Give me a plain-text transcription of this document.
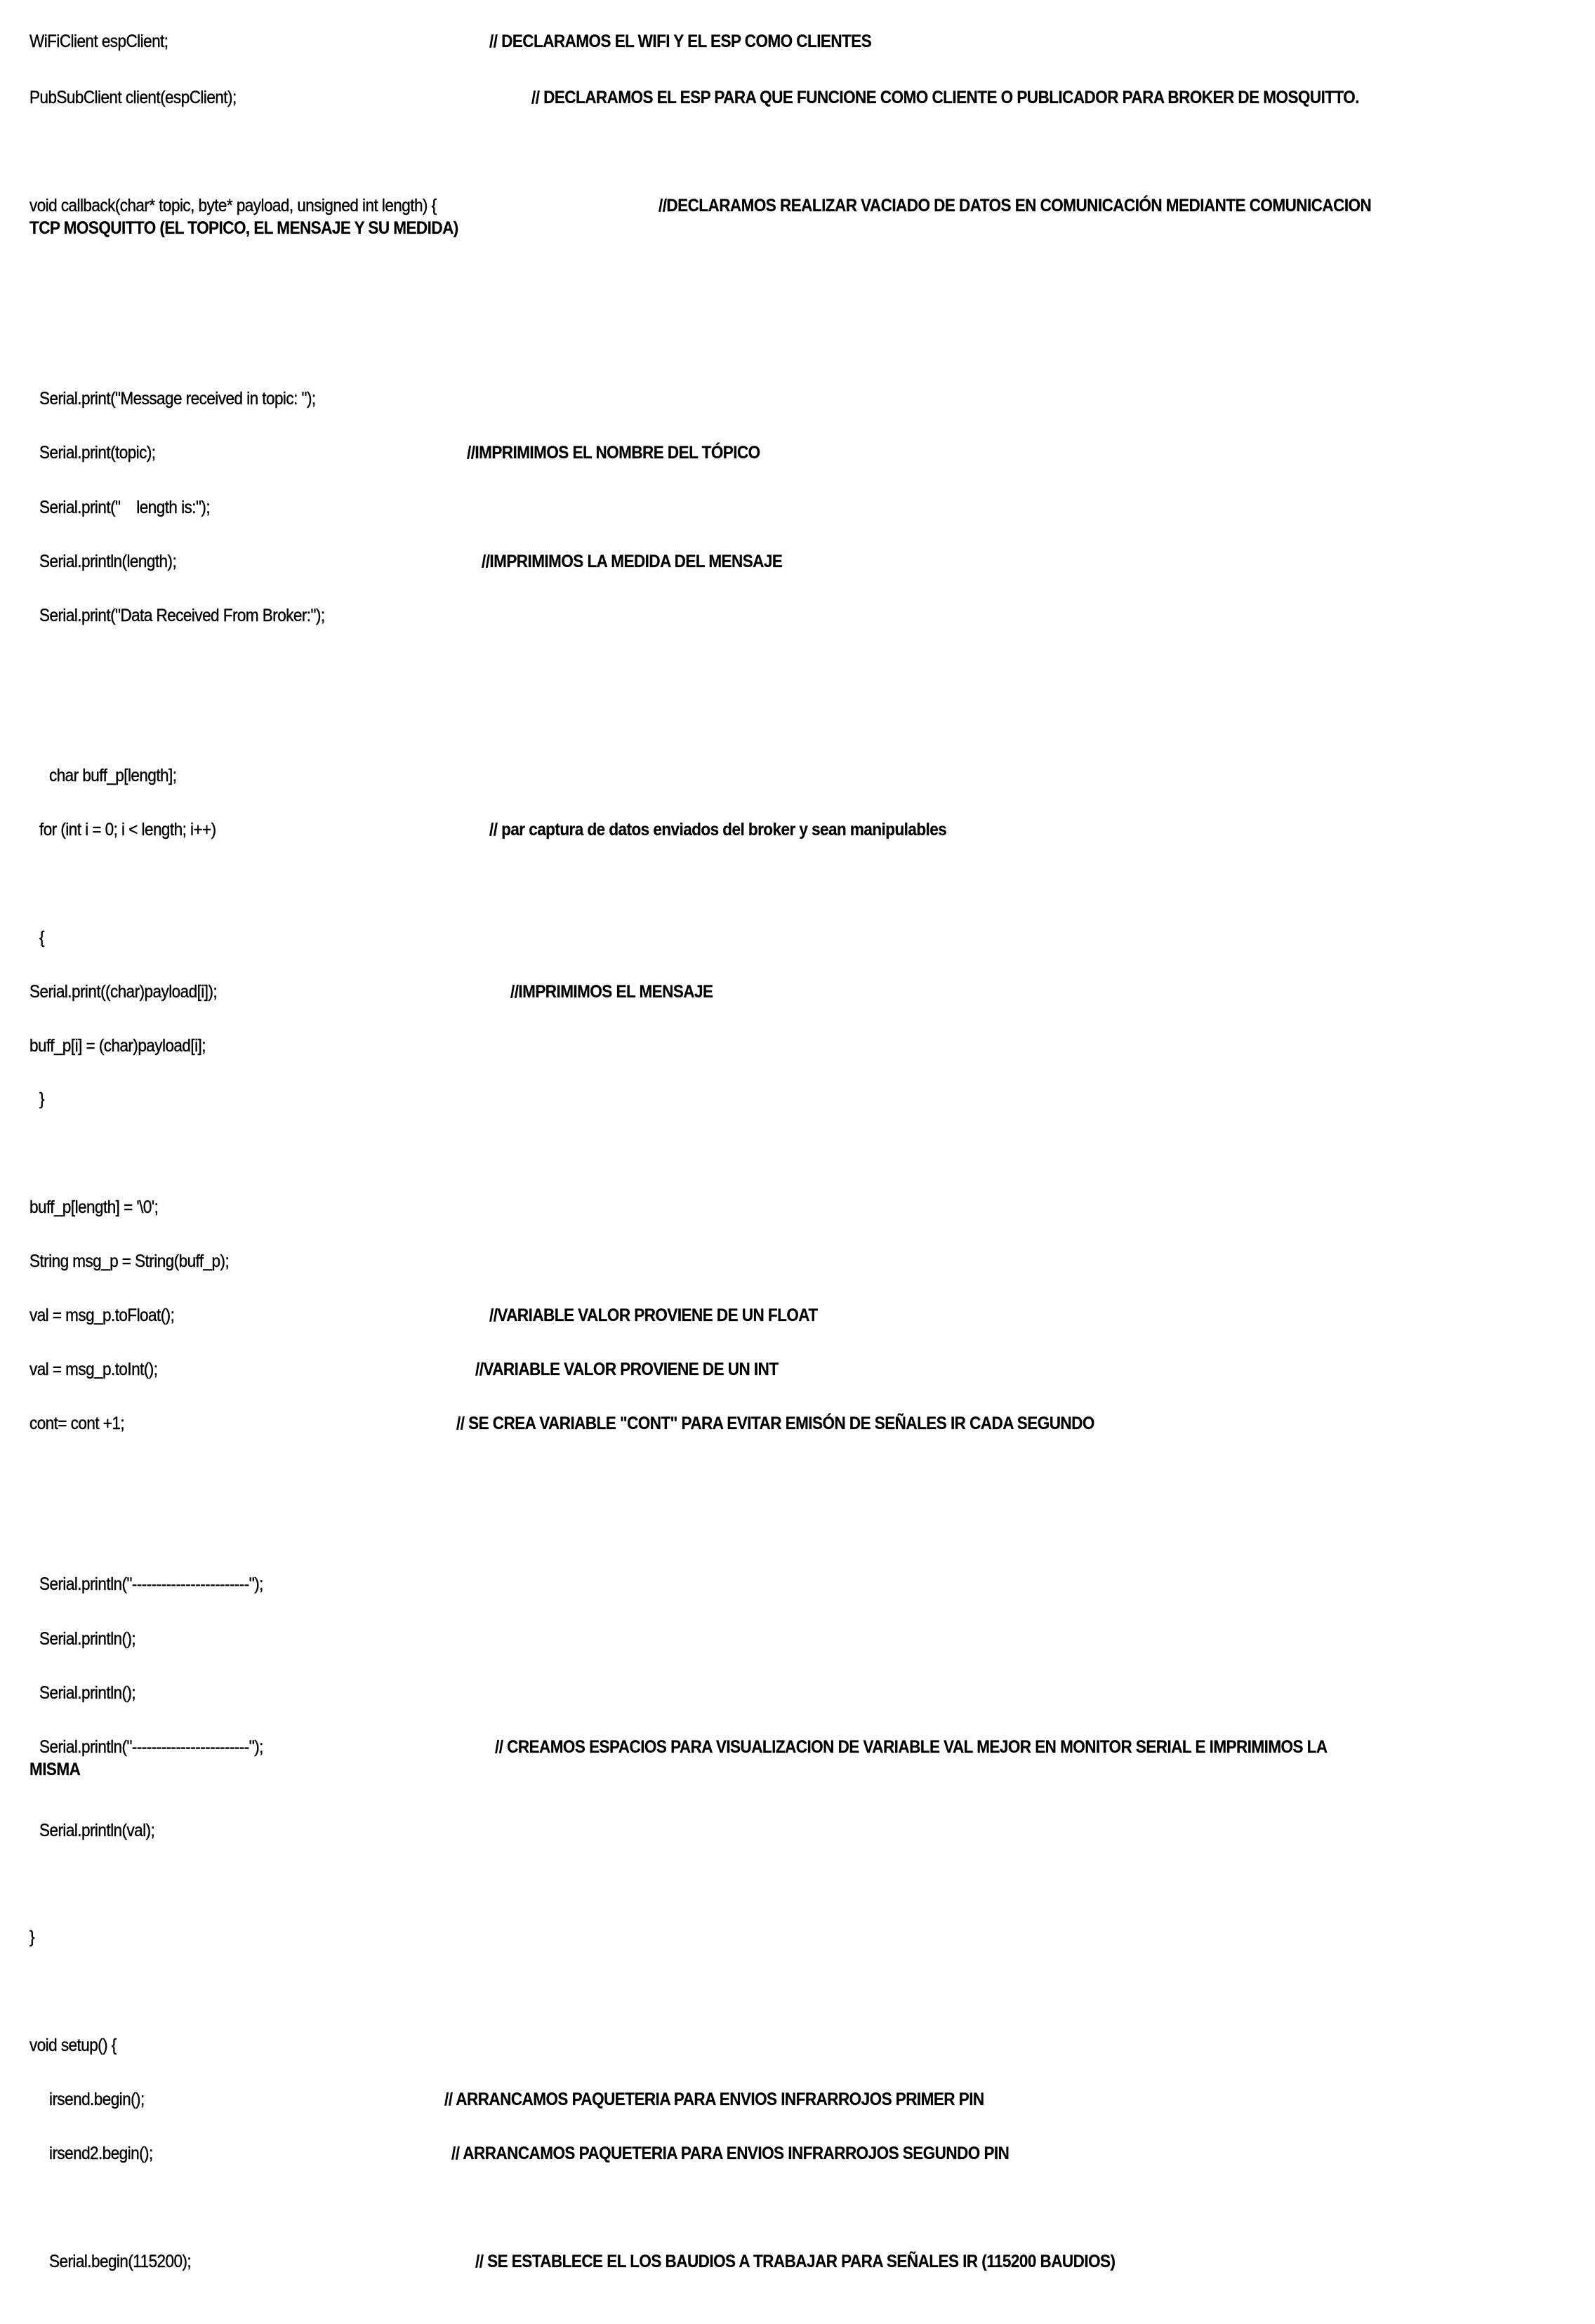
WiFiClient espClient;	// DECLARAMOS EL WIFI Y EL ESP COMO CLIENTES
PubSubClient client(espClient);	// DECLARAMOS EL ESP PARA QUE FUNCIONE COMO CLIENTE O PUBLICADOR PARA BROKER DE MOSQUITTO.
void callback(char* topic, byte* payload, unsigned int length) {	//DECLARAMOS REALIZAR VACIADO DE DATOS EN COMUNICACIÓN MEDIANTE COMUNICACION
TCP MOSQUITTO (EL TOPICO, EL MENSAJE Y SU MEDIDA)
Serial.print("Message received in topic: ");
Serial.print(topic);	//IMPRIMIMOS EL NOMBRE DEL TÓPICO
Serial.print("    length is:");
Serial.println(length);	//IMPRIMIMOS LA MEDIDA DEL MENSAJE
Serial.print("Data Received From Broker:");
char buff_p[length];
for (int i = 0; i < length; i++)	// par captura de datos enviados del broker y sean manipulables
{
Serial.print((char)payload[i]);	//IMPRIMIMOS EL MENSAJE
buff_p[i] = (char)payload[i];
}
buff_p[length] = '\0';
String msg_p = String(buff_p);
val = msg_p.toFloat();	//VARIABLE VALOR PROVIENE DE UN FLOAT
val = msg_p.toInt();	//VARIABLE VALOR PROVIENE DE UN INT
cont= cont +1;	// SE CREA VARIABLE "CONT" PARA EVITAR EMISÓN DE SEÑALES IR CADA SEGUNDO
Serial.println("------------------------");
Serial.println();
Serial.println();
Serial.println("------------------------");	// CREAMOS ESPACIOS PARA VISUALIZACION DE VARIABLE VAL MEJOR EN MONITOR SERIAL E IMPRIMIMOS LA
MISMA
Serial.println(val);
}
void setup() {
irsend.begin();	// ARRANCAMOS PAQUETERIA PARA ENVIOS INFRARROJOS PRIMER PIN
irsend2.begin();	// ARRANCAMOS PAQUETERIA PARA ENVIOS INFRARROJOS SEGUNDO PIN
Serial.begin(115200);	// SE ESTABLECE EL LOS BAUDIOS A TRABAJAR PARA SEÑALES IR (115200 BAUDIOS)
